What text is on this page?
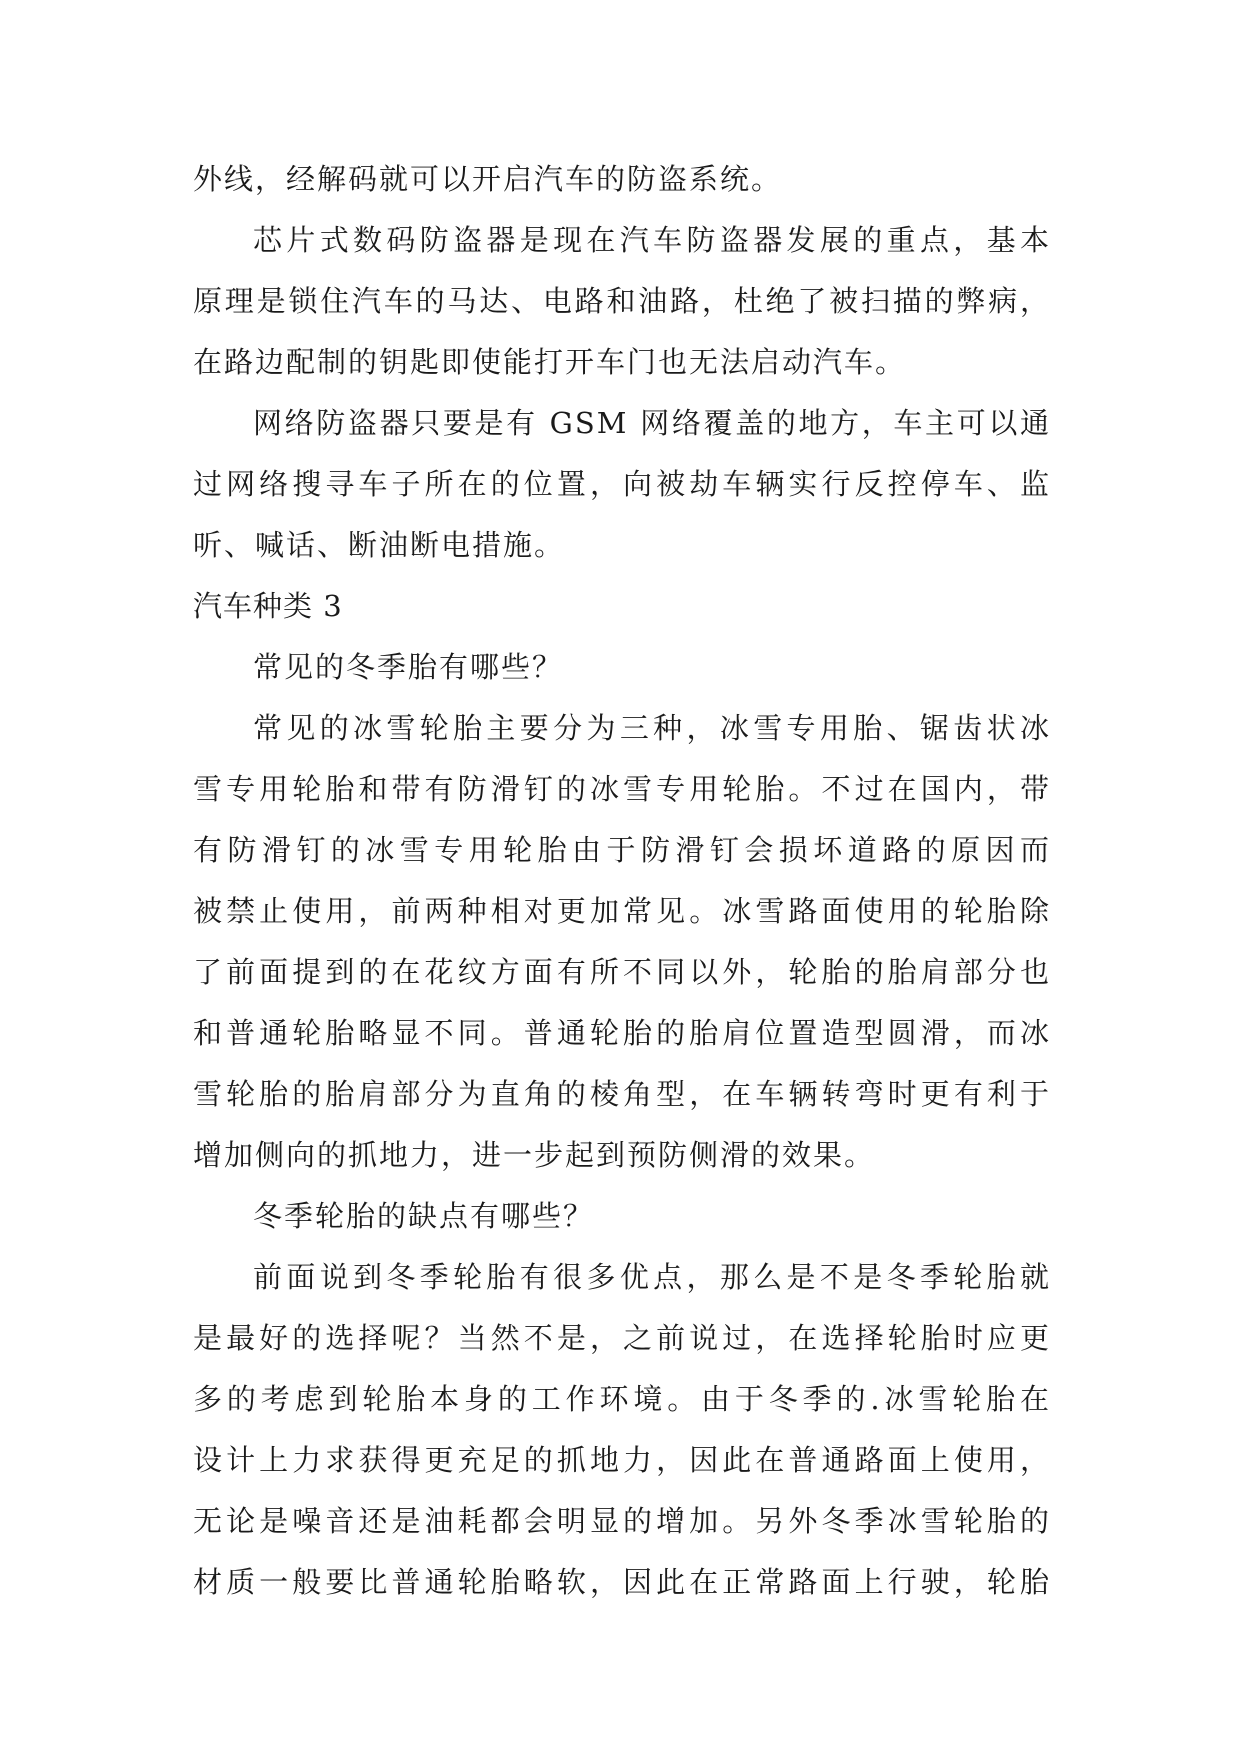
外线，经解码就可以开启汽车的防盗系统。
芯片式数码防盗器是现在汽车防盗器发展的重点，基本
原理是锁住汽车的马达、电路和油路，杜绝了被扫描的弊病，
在路边配制的钥匙即使能打开车门也无法启动汽车。
网络防盗器只要是有 GSM 网络覆盖的地方，车主可以通
过网络搜寻车子所在的位置，向被劫车辆实行反控停车、监
听、喊话、断油断电措施。
汽车种类 3
常见的冬季胎有哪些？
常见的冰雪轮胎主要分为三种，冰雪专用胎、锯齿状冰
雪专用轮胎和带有防滑钉的冰雪专用轮胎。不过在国内，带
有防滑钉的冰雪专用轮胎由于防滑钉会损坏道路的原因而
被禁止使用，前两种相对更加常见。冰雪路面使用的轮胎除
了前面提到的在花纹方面有所不同以外，轮胎的胎肩部分也
和普通轮胎略显不同。普通轮胎的胎肩位置造型圆滑，而冰
雪轮胎的胎肩部分为直角的棱角型，在车辆转弯时更有利于
增加侧向的抓地力，进一步起到预防侧滑的效果。
冬季轮胎的缺点有哪些？
前面说到冬季轮胎有很多优点，那么是不是冬季轮胎就
是最好的选择呢？当然不是，之前说过，在选择轮胎时应更
多的考虑到轮胎本身的工作环境。由于冬季的.冰雪轮胎在
设计上力求获得更充足的抓地力，因此在普通路面上使用，
无论是噪音还是油耗都会明显的增加。另外冬季冰雪轮胎的
材质一般要比普通轮胎略软，因此在正常路面上行驶，轮胎
